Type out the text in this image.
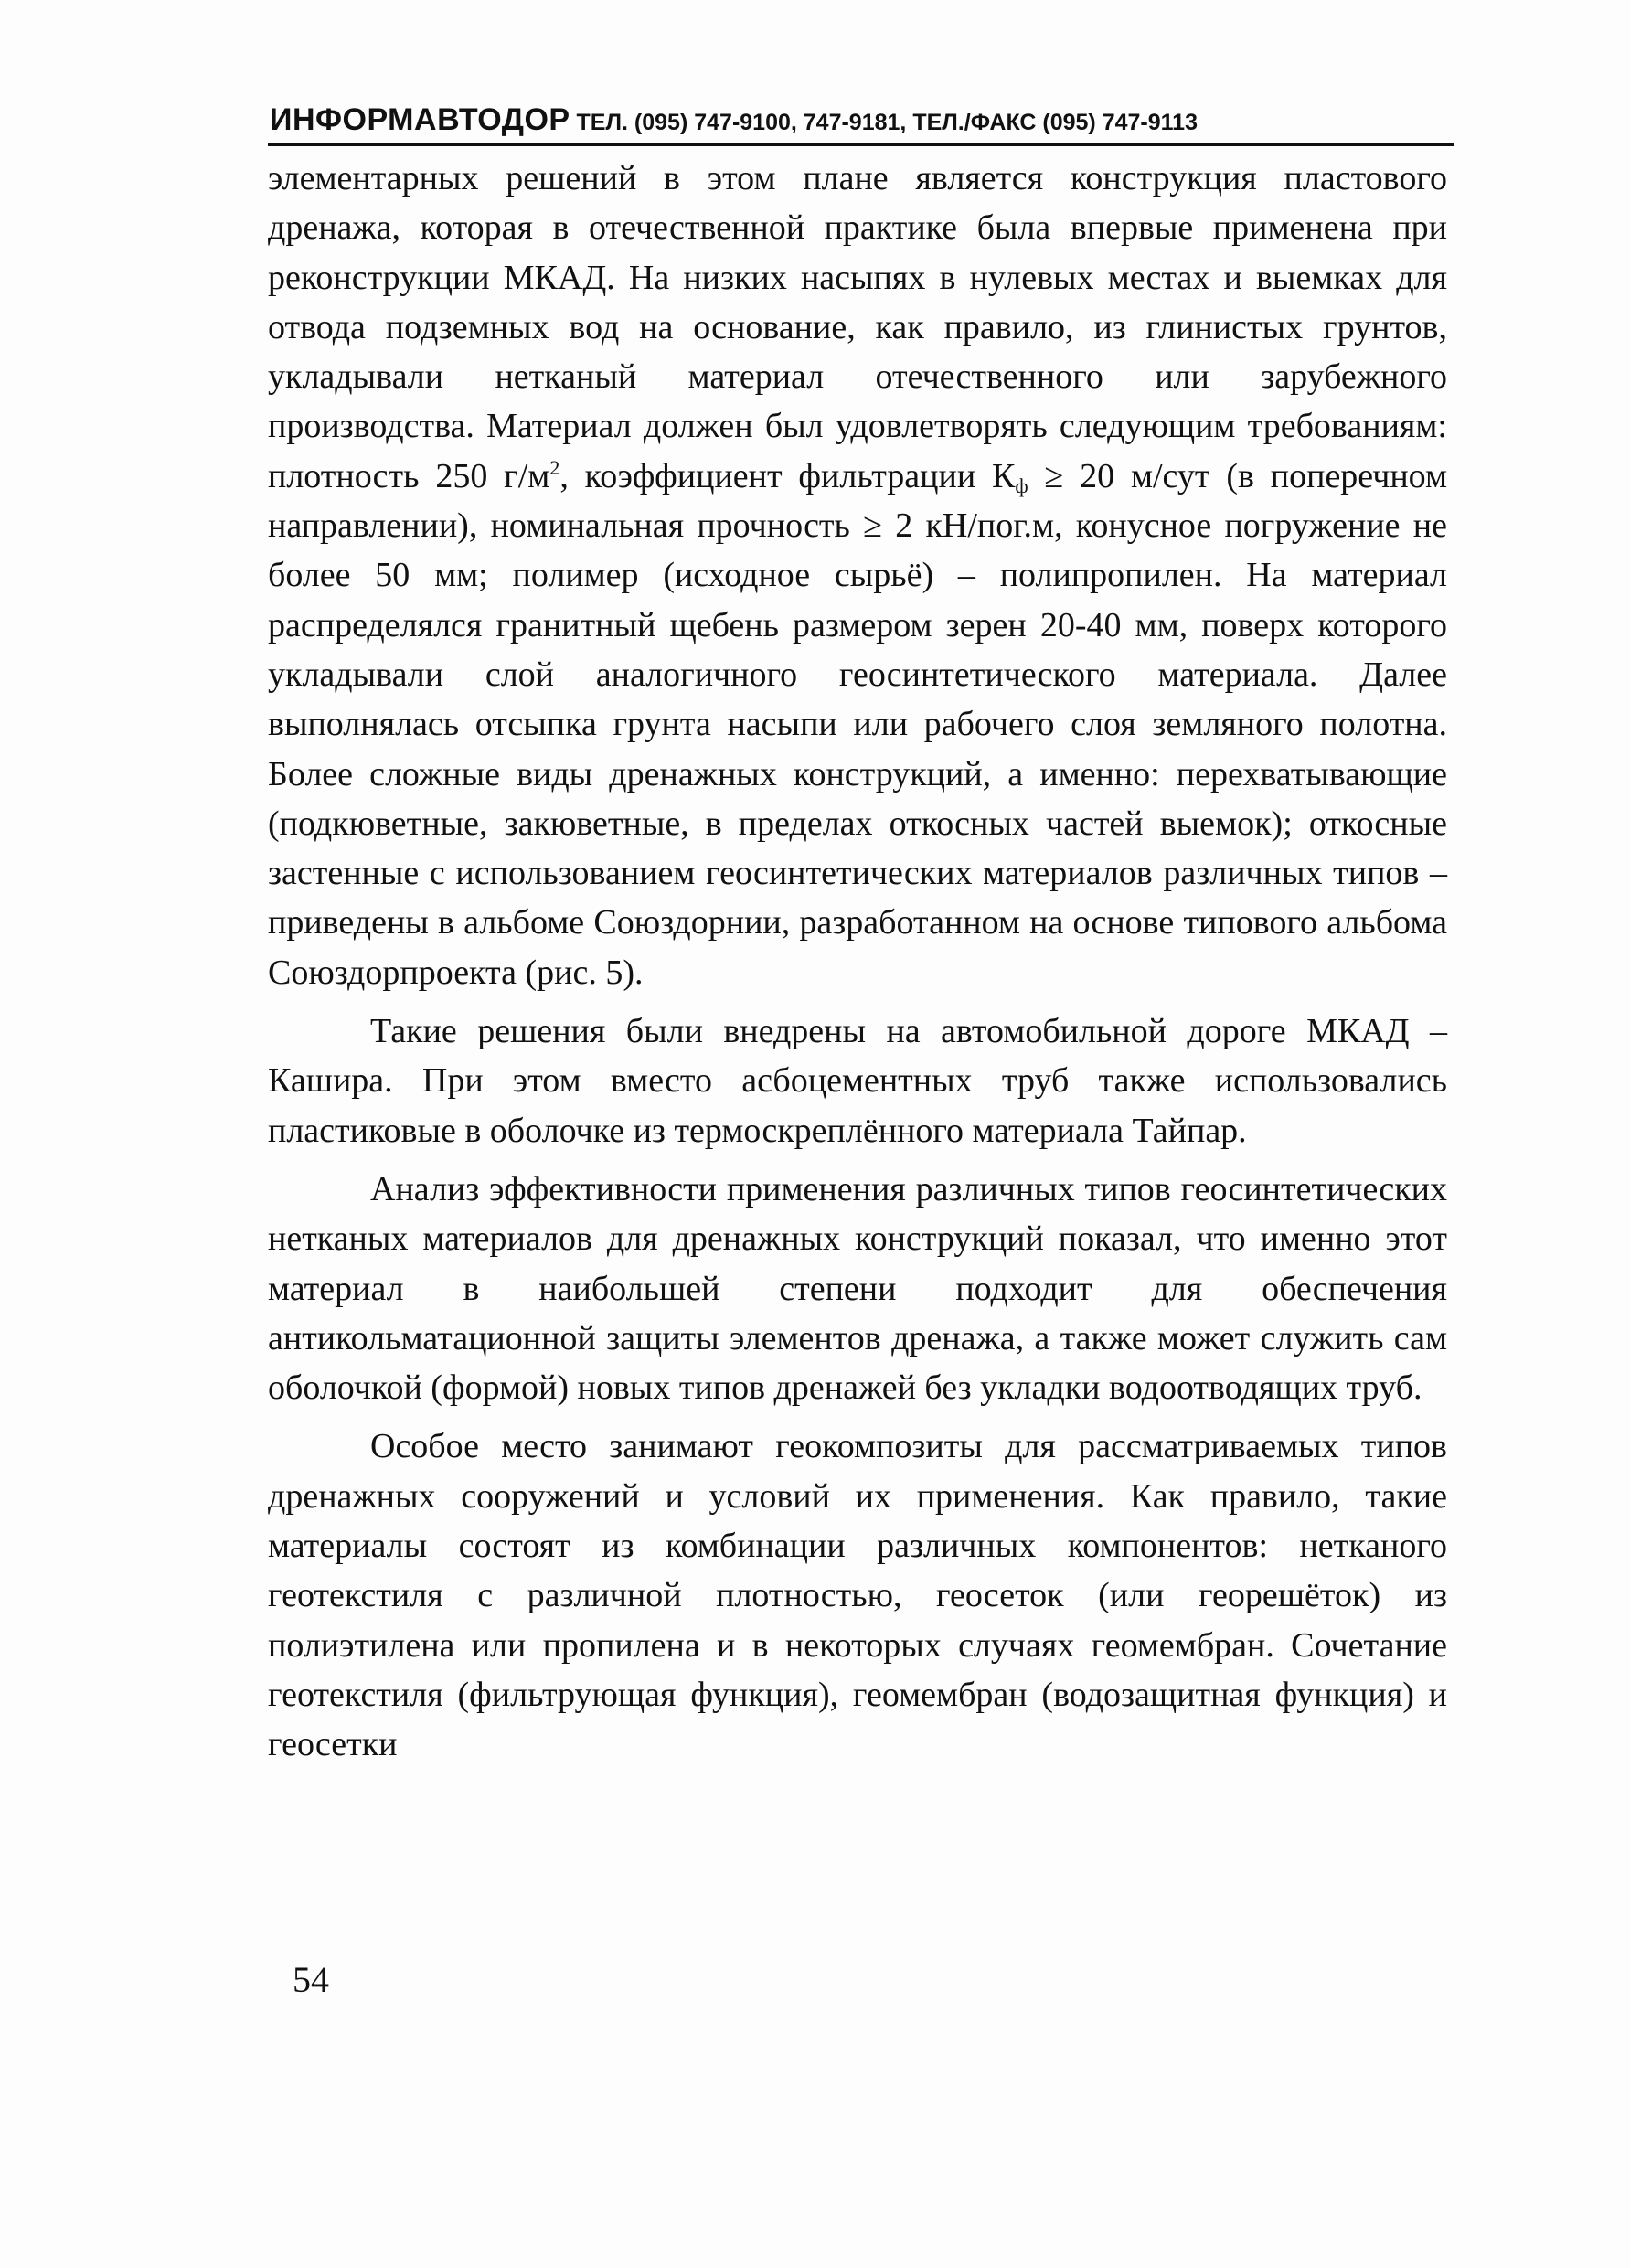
ИНФОРМАВТОДОР ТЕЛ. (095) 747-9100, 747-9181, ТЕЛ./ФАКС (095) 747-9113

элементарных решений в этом плане является конструкция пластового дренажа, которая в отечественной практике была впервые применена при реконструкции МКАД. На низких насыпях в нулевых местах и выемках для отвода подземных вод на основание, как правило, из глинистых грунтов, укладывали нетканый материал отечественного или зарубежного производства. Материал должен был удовлетворять следующим требованиям: плотность 250 $г/м^2$, коэффициент фильтрации $К_ф \ge 20$ м/сут (в поперечном направлении), номинальная прочность ≥ 2 кН/пог.м, конусное погружение не более 50 мм; полимер (исходное сырьё) – полипропилен. На материал распределялся гранитный щебень размером зерен 20-40 мм, поверх которого укладывали слой аналогичного геосинтетического материала. Далее выполнялась отсыпка грунта насыпи или рабочего слоя земляного полотна. Более сложные виды дренажных конструкций, а именно: перехватывающие (подкюветные, закюветные, в пределах откосных частей выемок); откосные застенные с использованием геосинтетических материалов различных типов – приведены в альбоме Союздорнии, разработанном на основе типового альбома Союздорпроекта (рис. 5).

Такие решения были внедрены на автомобильной дороге МКАД – Кашира. При этом вместо асбоцементных труб также использовались пластиковые в оболочке из термоскреплённого материала Тайпар.

Анализ эффективности применения различных типов геосинтетических нетканых материалов для дренажных конструкций показал, что именно этот материал в наибольшей степени подходит для обеспечения антикольматационной защиты элементов дренажа, а также может служить сам оболочкой (формой) новых типов дренажей без укладки водоотводящих труб.

Особое место занимают геокомпозиты для рассматриваемых типов дренажных сооружений и условий их применения. Как правило, такие материалы состоят из комбинации различных компонентов: нетканого геотекстиля с различной плотностью, геосеток (или георешёток) из полиэтилена или пропилена и в некоторых случаях геомембран. Сочетание геотекстиля (фильтрующая функция), геомембран (водозащитная функция) и геосетки

54
